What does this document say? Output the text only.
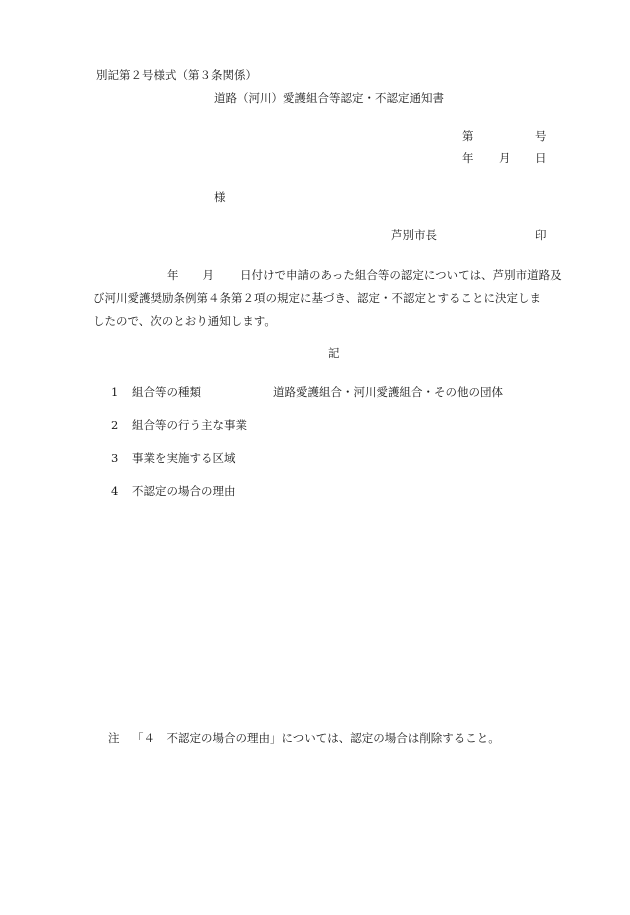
別記第２号様式（第３条関係）

道路（河川）愛護組合等認定・不認定通知書

第	号

年 月 日

様

芦別市長	印

年 月 日付けで申請のあった組合等の認定については、芦別市道路及
び河川愛護奨励条例第４条第２項の規定に基づき、認定・不認定とすることに決定しま
したので、次のとおり通知します。

記

1 組合等の種類	道路愛護組合・河川愛護組合・その他の団体

2 組合等の行う主な事業

3 事業を実施する区域

4 不認定の場合の理由

注 「４　不認定の場合の理由」については、認定の場合は削除すること。
